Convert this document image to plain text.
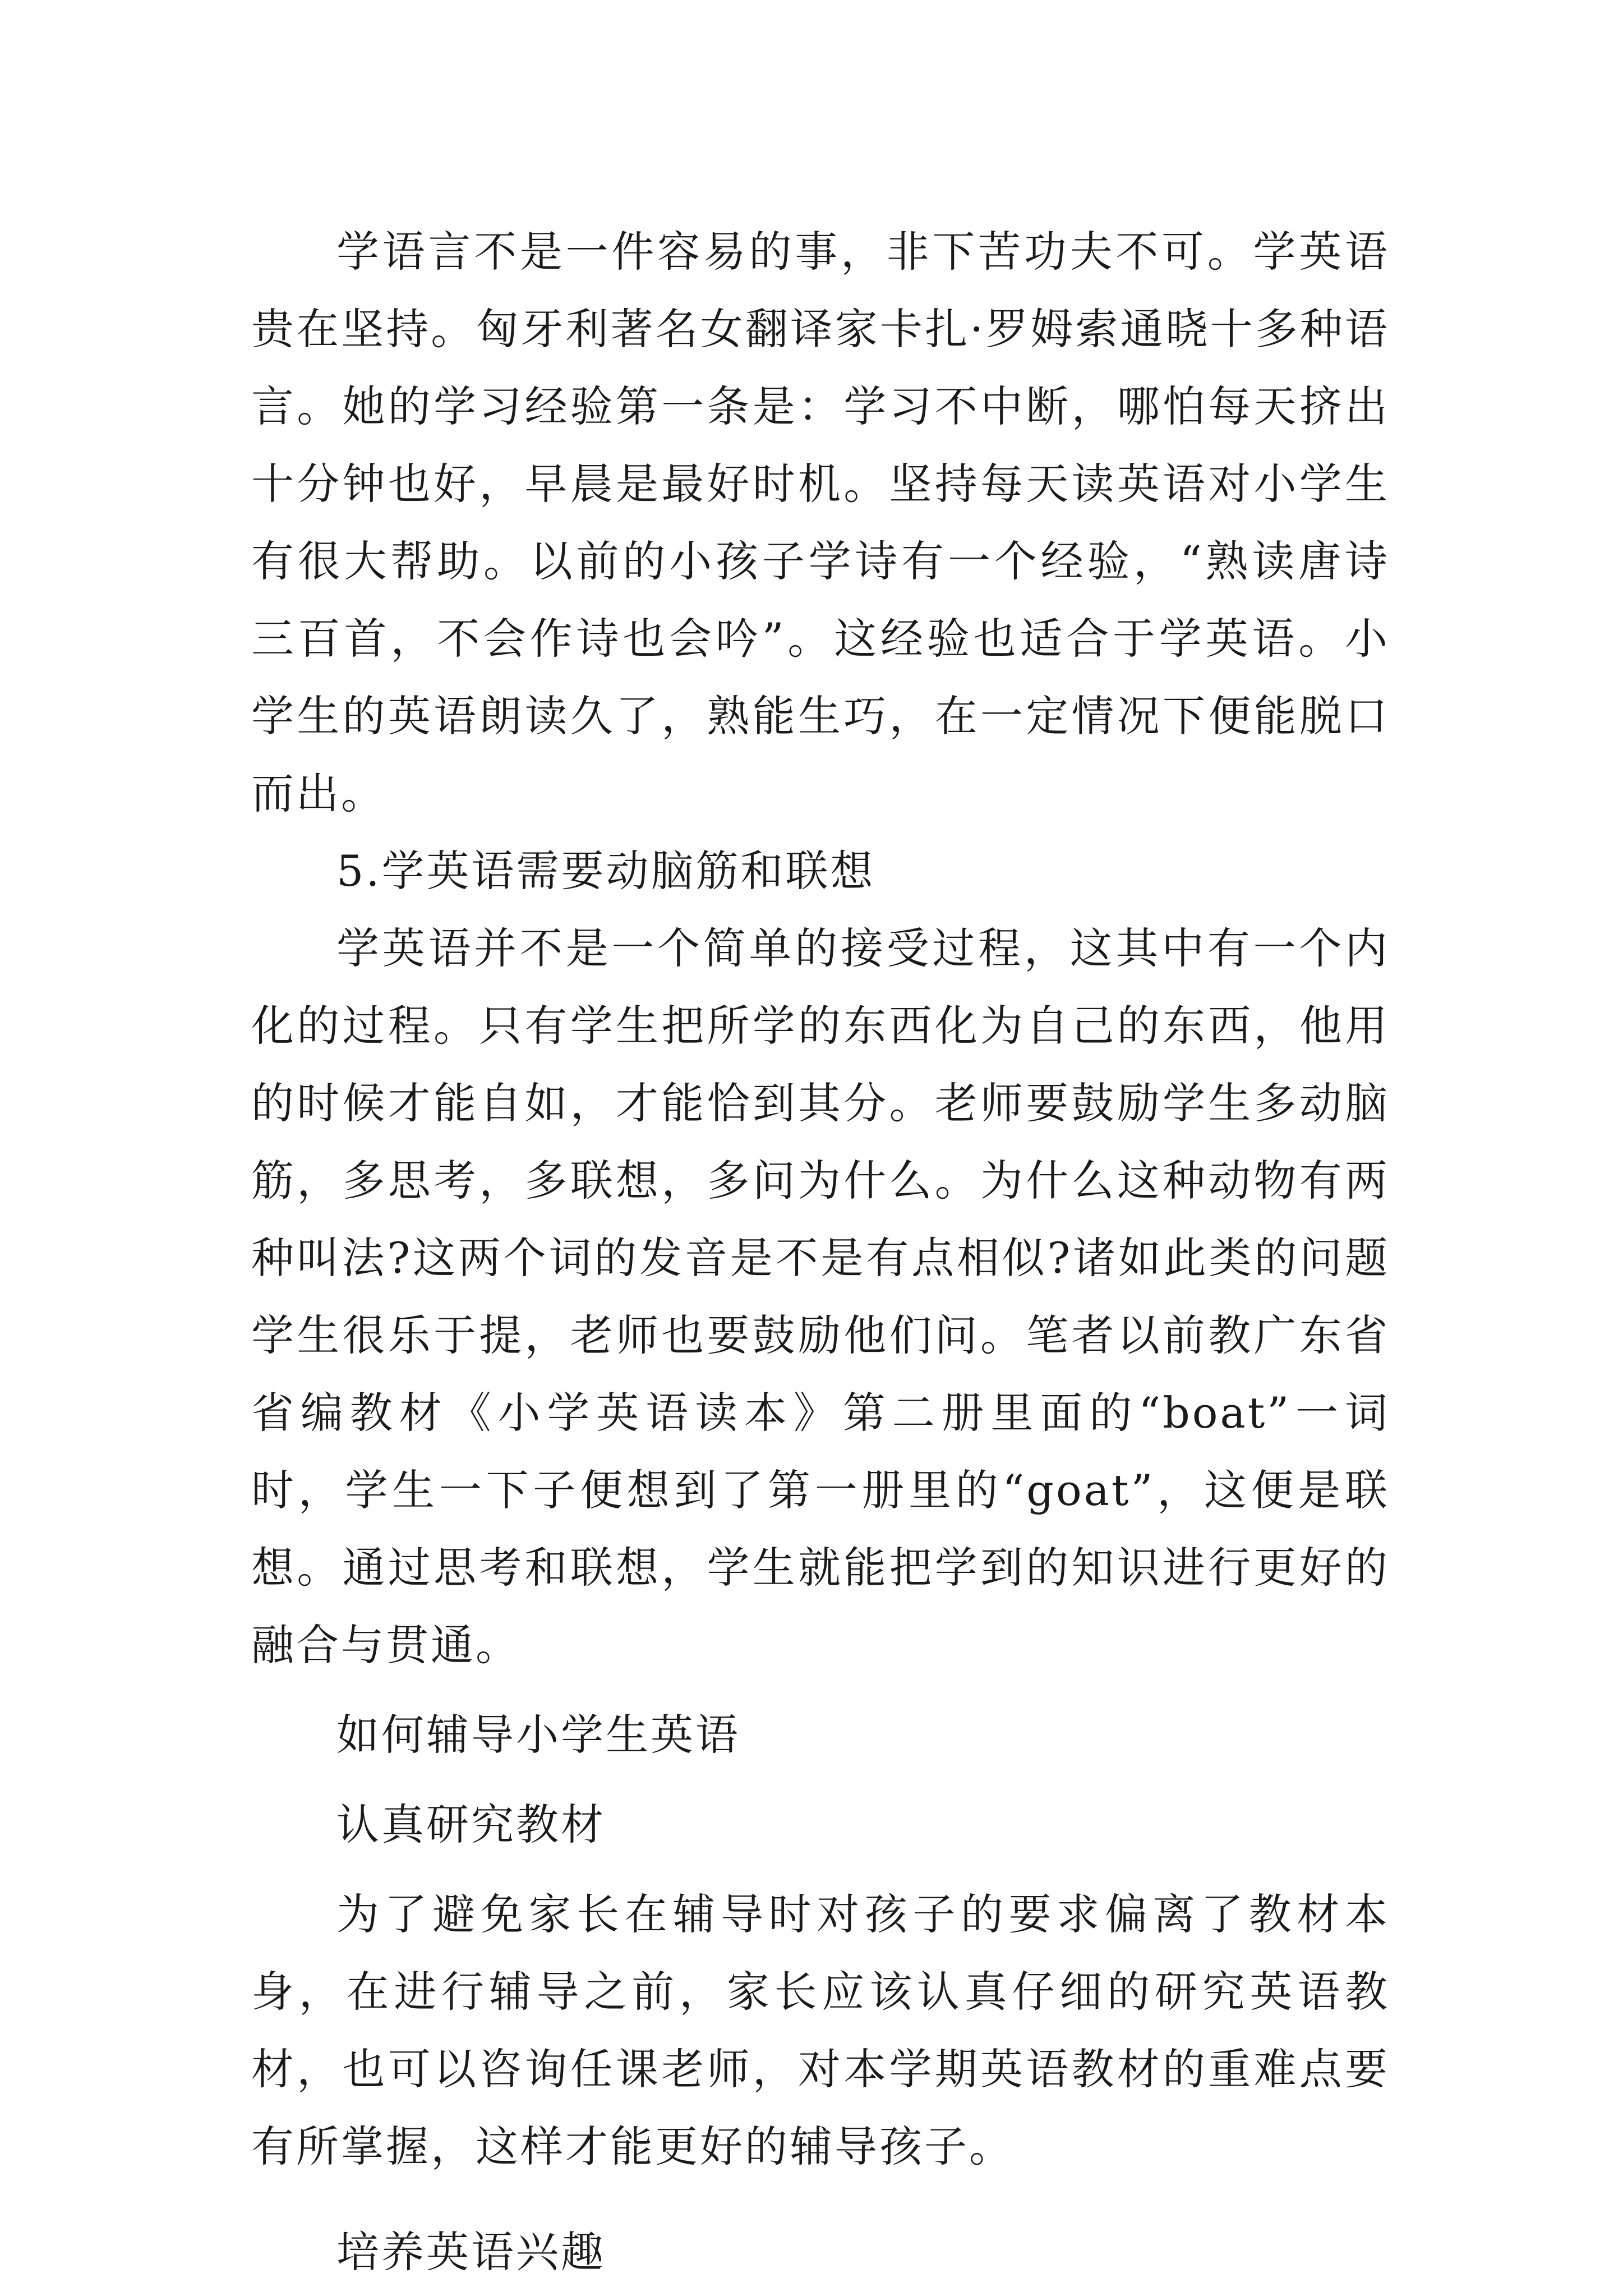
学语言不是一件容易的事，非下苦功夫不可。学英语贵在坚持。匈牙利著名女翻译家卡扎·罗姆索通晓十多种语言。她的学习经验第一条是：学习不中断，哪怕每天挤出十分钟也好，早晨是最好时机。坚持每天读英语对小学生有很大帮助。以前的小孩子学诗有一个经验，“熟读唐诗三百首，不会作诗也会吟”。这经验也适合于学英语。小学生的英语朗读久了，熟能生巧，在一定情况下便能脱口而出。

5.学英语需要动脑筋和联想

学英语并不是一个简单的接受过程，这其中有一个内化的过程。只有学生把所学的东西化为自己的东西，他用的时候才能自如，才能恰到其分。老师要鼓励学生多动脑筋，多思考，多联想，多问为什么。为什么这种动物有两种叫法?这两个词的发音是不是有点相似?诸如此类的问题学生很乐于提，老师也要鼓励他们问。笔者以前教广东省省编教材《小学英语读本》第二册里面的“boat”一词时，学生一下子便想到了第一册里的“goat”，这便是联想。通过思考和联想，学生就能把学到的知识进行更好的融合与贯通。

如何辅导小学生英语

认真研究教材

为了避免家长在辅导时对孩子的要求偏离了教材本身，在进行辅导之前，家长应该认真仔细的研究英语教材，也可以咨询任课老师，对本学期英语教材的重难点要有所掌握，这样才能更好的辅导孩子。

培养英语兴趣
